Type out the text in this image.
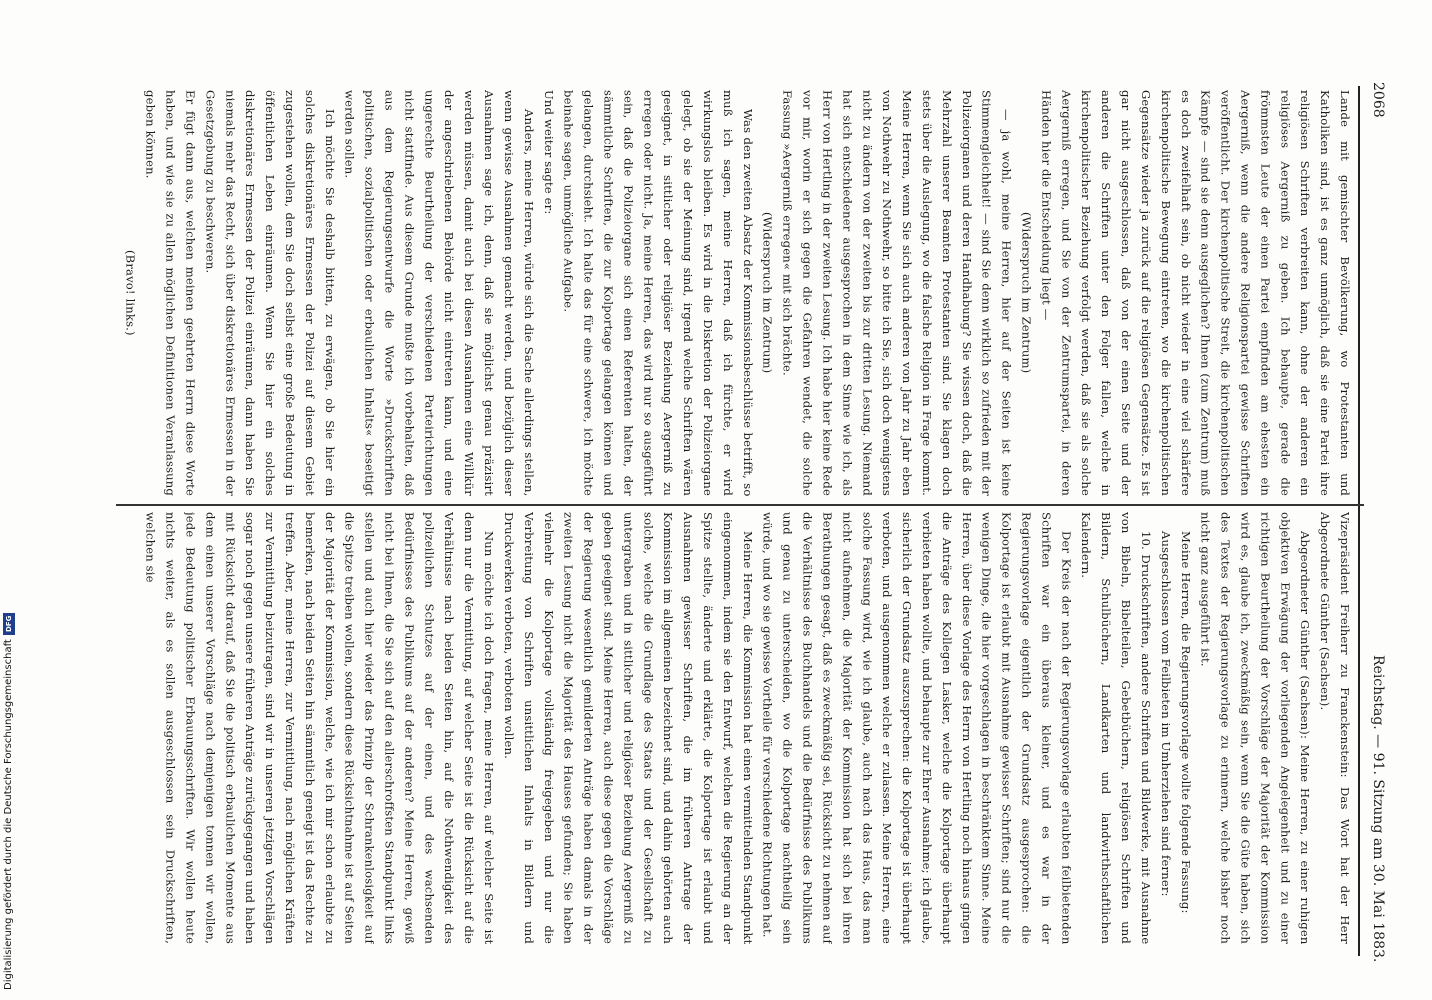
2068
Reichstag. — 91. Sitzung am 30. Mai 1883.

Lande mit gemischter Bevölkerung, wo Protestanten und Katholiken sind, ist es ganz unmöglich, daß sie eine Partei ihre religiösen Schriften verbreiten kann, ohne der anderen ein religiöses Aergerniß zu geben. Ich behaupte, gerade die frömmsten Leute der einen Partei empfinden am ehesten ein Aergerniß, wenn die andere Religionspartei gewisse Schriften veröffentlicht. Der kirchenpolitische Streit, die kirchenpolitischen Kämpfe — sind sie denn ausgeglichen? Ihnen (zum Zentrum) muß es doch zweifelhaft sein, ob nicht wieder in eine viel schärfere kirchenpolitische Bewegung eintreten, wo die kirchenpolitischen Gegensätze wieder ja zurück auf die religiösen Gegensätze. Es ist gar nicht ausgeschlossen, daß von der einen Seite und der anderen die Schriften unter den Folger fallen, welche in kirchenpolitischer Beziehung verfolgt werden, daß sie als solche Aergerniß erregen, und Sie von der Zentrumspartei, in deren Händen hier die Entscheidung liegt —

(Widerspruch im Zentrum)

— ja wohl, meine Herren, hier auf der Seiten ist keine Stimmengleichheit! — sind Sie denn wirklich so zufrieden mit der Polizeiorganen und deren Handhabung? Sie wissen doch, daß die Mehrzahl unserer Beamten Protestanten sind. Sie klagen doch stets über die Auslegung, wo die falsche Religion in Frage kommt. Meine Herren, wenn Sie sich auch anderen von Jahr zu Jahr eben von Nothwehr zu Nothwehr, so bitte ich Sie, sich doch wenigstens nicht zu ändern von der zweiten bis zur dritten Lesung. Niemand hat sich entschiedener ausgesprochen in dem Sinne wie ich, als Herr von Hertling in der zweiten Lesung. Ich habe hier keine Rede vor mir, worin er sich gegen die Gefahren wendet, die solche Fassung »Aergerniß erregen« mit sich brächte.

(Widerspruch im Zentrum)

Was den zweiten Absatz der Kommissionsbeschlüsse betrifft, so muß ich sagen, meine Herren, daß ich fürchte, er wird wirkungslos bleiben. Es wird in die Diskretion der Polizeiorgane gelegt, ob sie der Meinung sind, irgend welche Schriften wären geeignet, in sittlicher oder religiöser Beziehung Aergerniß zu erregen oder nicht. Ja, meine Herren, das wird nur so ausgeführt sein, daß die Polizeiorgane sich einen Referenten halten, der sämmtliche Schriften, die zur Kolportage gelangen können und gelangen, durchsieht. Ich halte das für eine schwere, ich möchte beinahe sagen, unmögliche Aufgabe.

Und weiter sagte er:

Anders, meine Herren, würde sich die Sache allerdings stellen, wenn gewisse Ausnahmen gemacht werden, und bezüglich dieser Ausnahmen sage ich, denn, daß sie möglichst genau präzisirt werden müssen, damit auch bei diesen Ausnahmen eine Willkür der angeschriebenen Behörde nicht eintreten kann, und eine ungerechte Beurtheilung der verschiedenen Parteirichtungen nicht stattfinde. Aus diesem Grunde mußte ich vorbehalten, daß aus dem Regierungsentwurfe die Worte »Druckschriften politischen, sozialpolitischen oder erbaulichen Inhalts« beseitigt werden sollen.

Ich möchte Sie deshalb bitten, zu erwägen, ob Sie hier ein solches diskretionäres Ermessen der Polizei auf diesem Gebiet zugestehen wollen, dem Sie doch selbst eine große Bedeutung in öffentlichen Leben einräumen. Wenn Sie hier ein solches diskretionäres Ermessen der Polizei einräumen, dann haben Sie niemals mehr das Recht, sich über diskretionäres Ermessen in der Gesetzgebung zu beschweren.

Er fügt dann aus, welchen meinen geehrten Herrn diese Worte haben, und wie sie zu allen möglichen Definitionen Veranlassung geben können.

(Bravo! links.)

Vizepräsident Freiherr zu Franckenstein: Das Wort hat der Herr Abgeordnete Günther (Sachsen).

Abgeordneter Günther (Sachsen): Meine Herren, zu einer ruhigen objektiven Erwägung der vorliegenden Angelegenheit und zu einer richtigen Beurtheilung der Vorschläge der Majorität der Kommission wird es, glaube ich, zweckmäßig sein, wenn Sie die Güte haben, sich des Textes der Regierungsvorlage zu erinnern, welche bisher noch nicht ganz ausgeführt ist.

Meine Herren, die Regierungsvorlage wollte folgende Fassung:

Ausgeschlossen vom Feilbieten im Umherziehen sind ferner:

10. Druckschriften, andere Schriften und Bildwerke, mit Ausnahme von Bibeln, Bibelteilen, Gebetbüchern, religiösen Schriften und Bildern, Schulbüchern, Landkarten und landwirthschaftlichen Kalendern.

Der Kreis der nach der Regierungsvorlage erlaubten feilbietenden Schriften war ein überaus kleiner, und es war in der Regierungsvorlage eigentlich der Grundsatz ausgesprochen: die Kolportage ist erlaubt mit Ausnahme gewisser Schriften; sind nur die wenigen Dinge, die hier vorgeschlagen in beschränktem Sinne. Meine Herren, über diese Vorlage des Herrn von Hertling noch hinaus gingen die Anträge des Kollegen Lasker, welche die Kolportage überhaupt verbieten haben wollte, und behaupte zur Ehrer Ausnahme; ich glaube, sicherlich der Grundsatz auszusprechen: die Kolportage ist überhaupt verboten, und ausgenommen welche er zulassen. Meine Herren, eine solche Fassung wird, wie ich glaube, auch nach das Haus, das man nicht aufnehmen, die Majorität der Kommission hat sich bei ihren Berathungen gesagt, daß es zweckmäßig sei, Rücksicht zu nehmen auf die Verhältnisse des Buchhandels und die Bedürfnisse des Publikums und genau zu unterscheiden, wo die Kolportage nachtheilig sein würde, und wo sie gewisse Vortheile für verschiedene Richtungen hat.

Meine Herren, die Kommission hat einen vermittelnden Standpunkt eingenommen, indem sie den Entwurf, welchen die Regierung an der Spitze stellte, änderte und erklärte, die Kolportage ist erlaubt und Ausnahmen gewisser Schriften, die im früheren Antrage der Kommission im allgemeinen bezeichnet sind, und dahin gehörten auch solche, welche die Grundlage des Staats und der Gesellschaft zu untergraben und in sittlicher und religiöser Beziehung Aergerniß zu geben geeignet sind. Meine Herren, auch diese gegen die Vorschläge der Regierung wesentlich gemilderten Anträge haben damals in der zweiten Lesung nicht die Majorität des Hauses gefunden; Sie haben vielmehr die Kolportage vollständig freigegeben und nur die Verbreitung von Schriften unsittlichen Inhalts in Bildern und Druckwerken verboten, verboten wollen.

Nun möchte ich doch fragen, meine Herren, auf welcher Seite ist denn nur die Vermittlung, auf welcher Seite ist die Rücksicht auf die Verhältnisse nach beiden Seiten hin, auf die Nothwendigkeit des polizeilichen Schutzes auf der einen, und des wachsenden Bedürfnisses des Publikums auf der anderen? Meine Herren, gewiß nicht bei Ihnen, die Sie sich auf den allerschroffsten Standpunkt links stellen und auch hier wieder das Prinzip der Schrankenlosigkeit auf die Spitze treiben wollen, sondern diese Rücksichtnahme ist auf Seiten der Majorität der Kommission, welche, wie ich mir schon erlaubte zu bemerken, nach beiden Seiten hin sämmtlich geneigt ist das Rechte zu treffen. Aber, meine Herren, zur Vermittlung, nach möglichen Kräften zur Vermittlung beizutragen, sind wir in unseren jetzigen Vorschlägen sogar noch gegen unsere früheren Anträge zurückgegangen und haben mit Rücksicht darauf, daß Sie die politisch erbaulichen Momente aus dem einen unserer Vorschläge nach demjenigen tonnen wir wollen, jede Bedeutung politischer Erbauungsschriften. Wir wollen heute nichts weiter, als es sollen ausgeschlossen sein Druckschriften, welchen sie

Digitalisierung gefördert durch die Deutsche Forschungsgemeinschaft
DFG
